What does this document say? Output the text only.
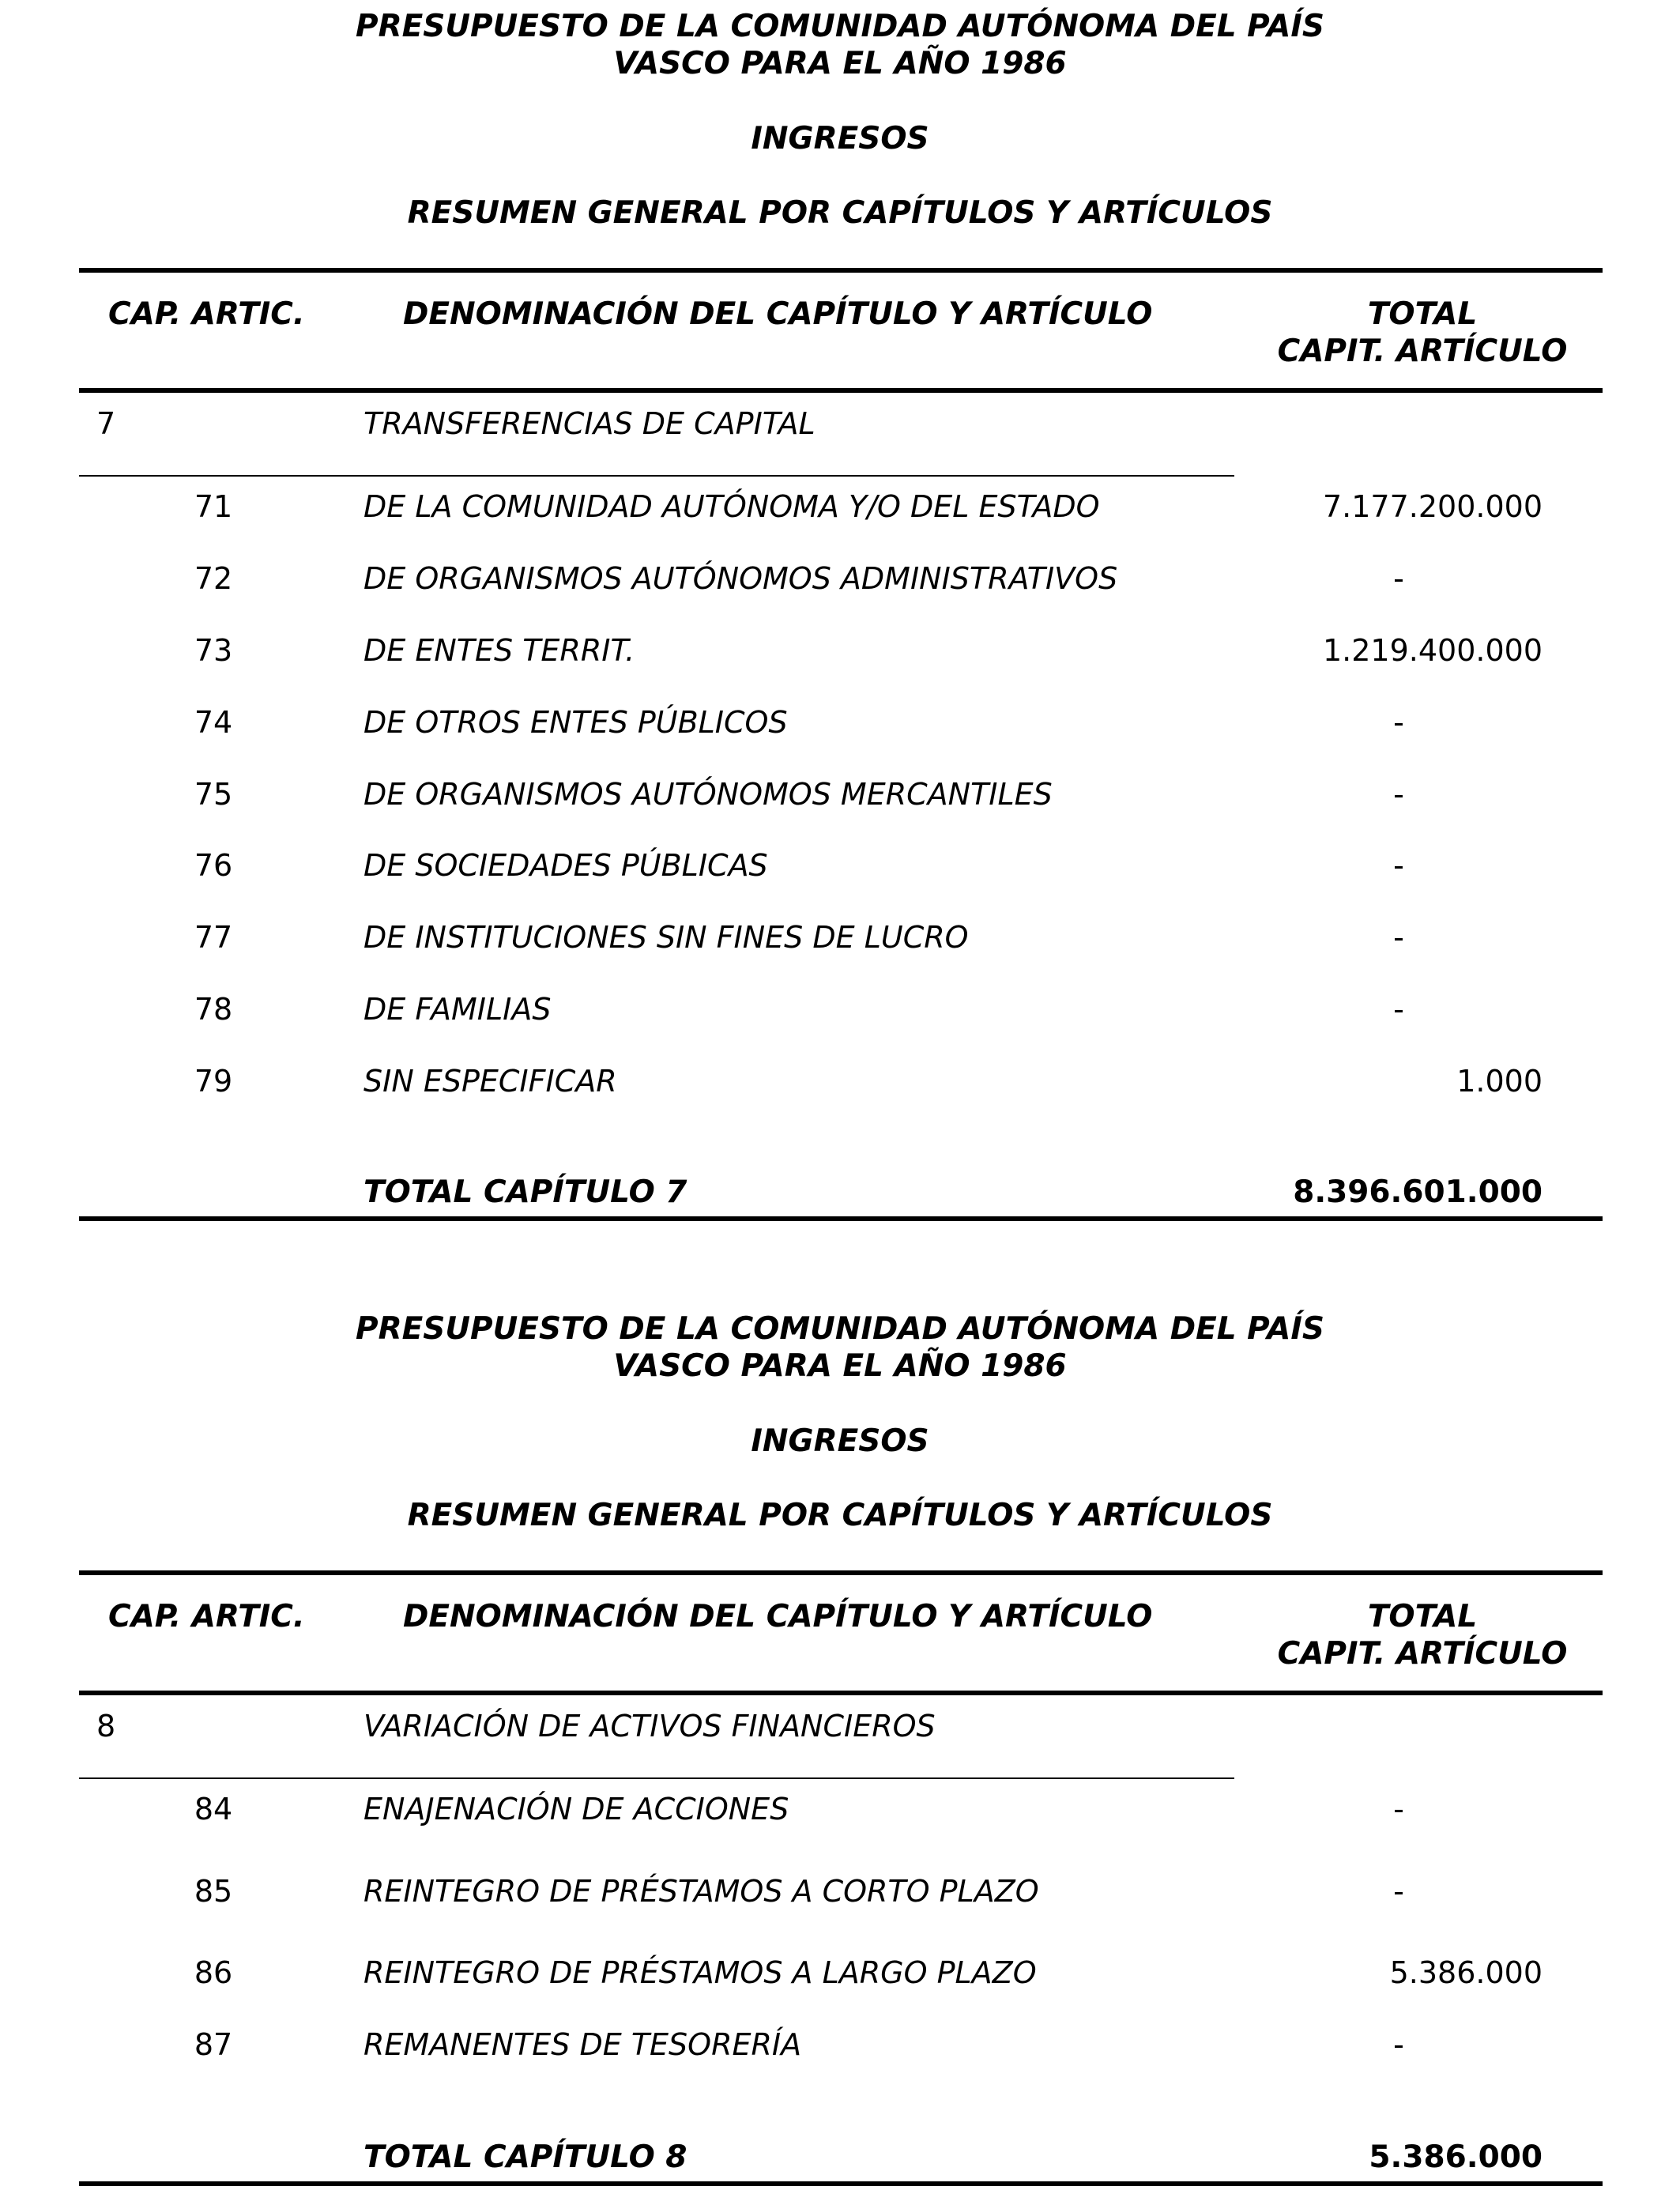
PRESUPUESTO DE LA COMUNIDAD AUTÓNOMA DEL PAÍS
VASCO PARA EL AÑO 1986
INGRESOS
RESUMEN GENERAL POR CAPÍTULOS Y ARTÍCULOS
CAP. ARTIC.	DENOMINACIÓN DEL CAPÍTULO Y ARTÍCULO	TOTAL
CAPIT. ARTÍCULO
7	TRANSFERENCIAS DE CAPITAL
71	DE LA COMUNIDAD AUTÓNOMA Y/O DEL ESTADO	7.177.200.000
72	DE ORGANISMOS AUTÓNOMOS ADMINISTRATIVOS	-
73	DE ENTES TERRIT.	1.219.400.000
74	DE OTROS ENTES PÚBLICOS	-
75	DE ORGANISMOS AUTÓNOMOS MERCANTILES	-
76	DE SOCIEDADES PÚBLICAS	-
77	DE INSTITUCIONES SIN FINES DE LUCRO	-
78	DE FAMILIAS	-
79	SIN ESPECIFICAR	1.000
TOTAL CAPÍTULO 7	8.396.601.000
PRESUPUESTO DE LA COMUNIDAD AUTÓNOMA DEL PAÍS
VASCO PARA EL AÑO 1986
INGRESOS
RESUMEN GENERAL POR CAPÍTULOS Y ARTÍCULOS
CAP. ARTIC.	DENOMINACIÓN DEL CAPÍTULO Y ARTÍCULO	TOTAL
CAPIT. ARTÍCULO
8	VARIACIÓN DE ACTIVOS FINANCIEROS
84	ENAJENACIÓN DE ACCIONES	-
85	REINTEGRO DE PRÉSTAMOS A CORTO PLAZO	-
86	REINTEGRO DE PRÉSTAMOS A LARGO PLAZO	5.386.000
87	REMANENTES DE TESORERÍA	-
TOTAL CAPÍTULO 8	5.386.000
